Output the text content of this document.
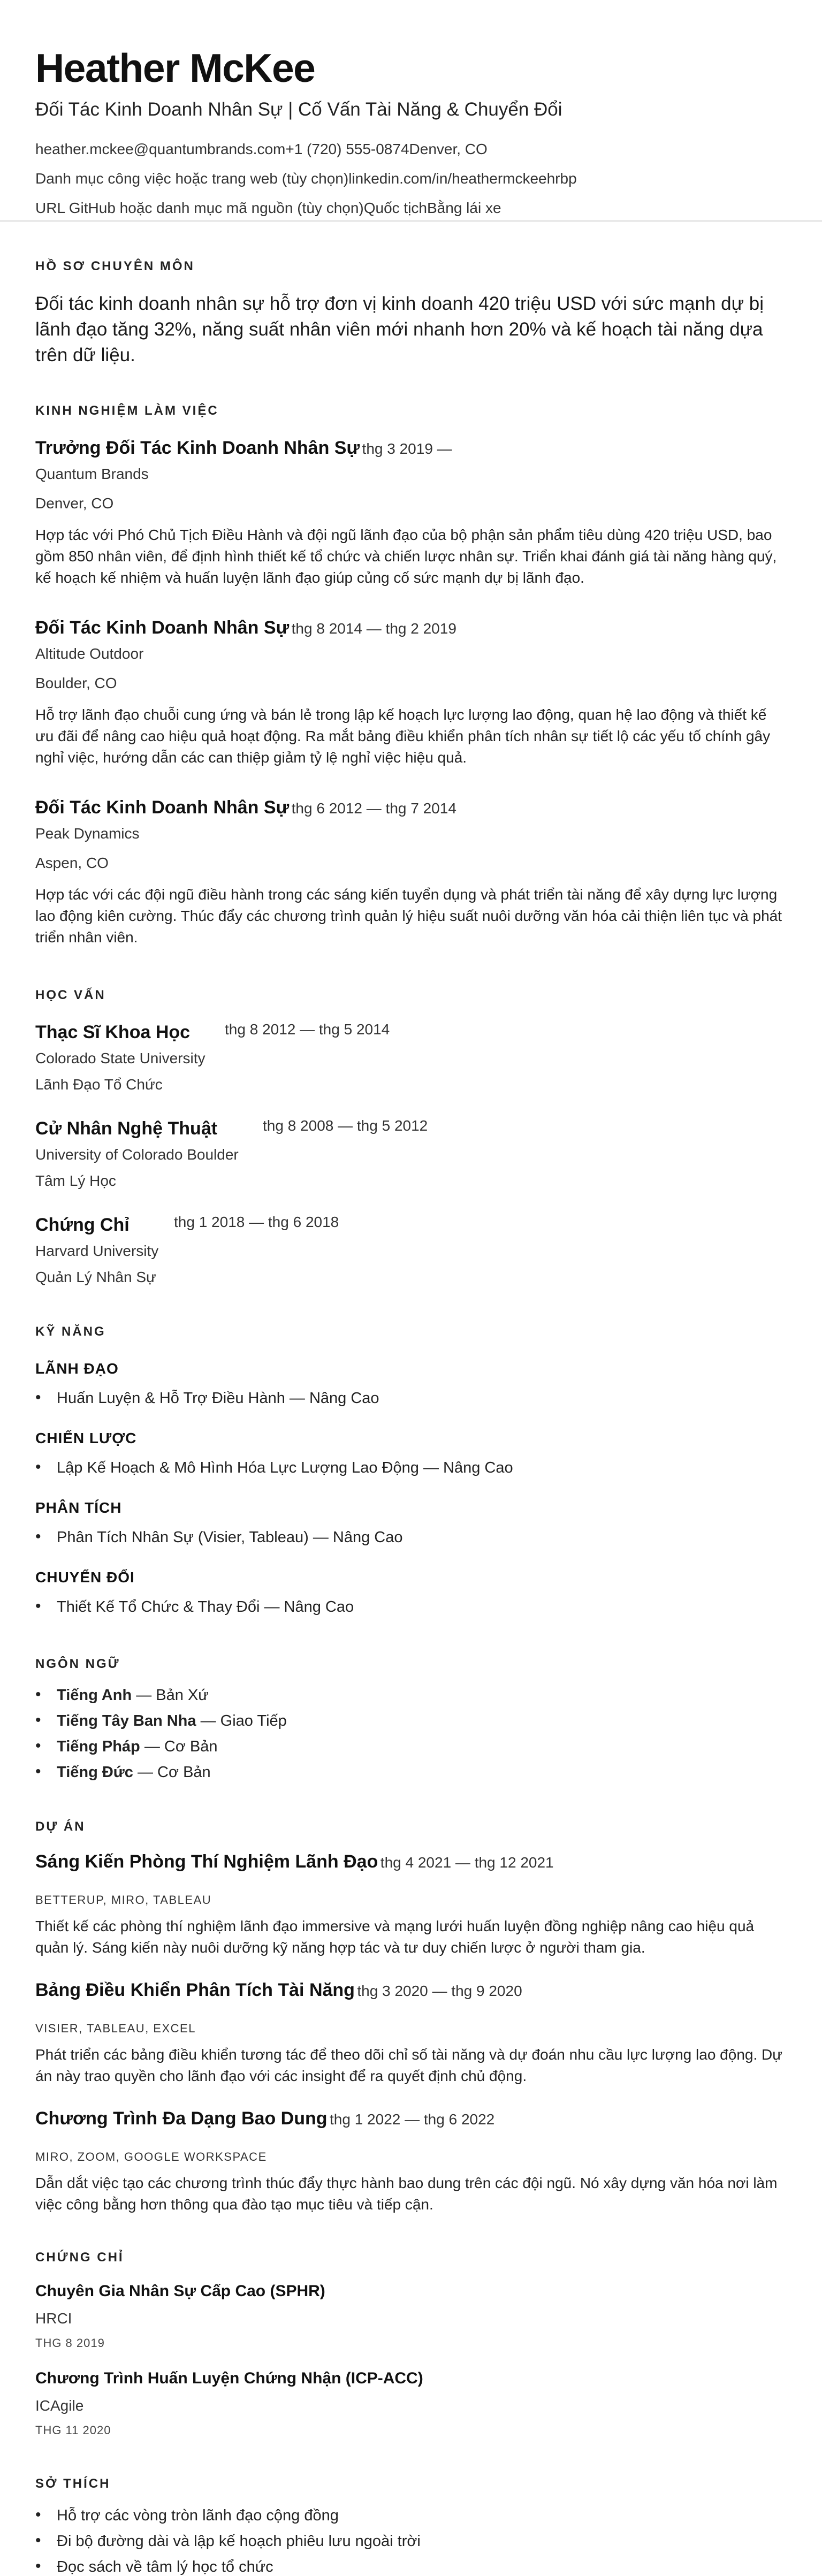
Heather McKee
Đối Tác Kinh Doanh Nhân Sự | Cố Vấn Tài Năng & Chuyển Đổi
heather.mckee@quantumbrands.com+1 (720) 555-0874Denver, CO
Danh mục công việc hoặc trang web (tùy chọn)linkedin.com/in/heathermckeehrbp
URL GitHub hoặc danh mục mã nguồn (tùy chọn)Quốc tịchBằng lái xe
HỒ SƠ CHUYÊN MÔN
Đối tác kinh doanh nhân sự hỗ trợ đơn vị kinh doanh 420 triệu USD với sức mạnh dự bị lãnh đạo tăng 32%, năng suất nhân viên mới nhanh hơn 20% và kế hoạch tài năng dựa trên dữ liệu.
KINH NGHIỆM LÀM VIỆC
Trưởng Đối Tác Kinh Doanh Nhân Sự thg 3 2019 —
Quantum Brands
Denver, CO
Hợp tác với Phó Chủ Tịch Điều Hành và đội ngũ lãnh đạo của bộ phận sản phẩm tiêu dùng 420 triệu USD, bao gồm 850 nhân viên, để định hình thiết kế tổ chức và chiến lược nhân sự. Triển khai đánh giá tài năng hàng quý, kế hoạch kế nhiệm và huấn luyện lãnh đạo giúp củng cố sức mạnh dự bị lãnh đạo.
Đối Tác Kinh Doanh Nhân Sự thg 8 2014 — thg 2 2019
Altitude Outdoor
Boulder, CO
Hỗ trợ lãnh đạo chuỗi cung ứng và bán lẻ trong lập kế hoạch lực lượng lao động, quan hệ lao động và thiết kế ưu đãi để nâng cao hiệu quả hoạt động. Ra mắt bảng điều khiển phân tích nhân sự tiết lộ các yếu tố chính gây nghỉ việc, hướng dẫn các can thiệp giảm tỷ lệ nghỉ việc hiệu quả.
Đối Tác Kinh Doanh Nhân Sự thg 6 2012 — thg 7 2014
Peak Dynamics
Aspen, CO
Hợp tác với các đội ngũ điều hành trong các sáng kiến tuyển dụng và phát triển tài năng để xây dựng lực lượng lao động kiên cường. Thúc đẩy các chương trình quản lý hiệu suất nuôi dưỡng văn hóa cải thiện liên tục và phát triển nhân viên.
HỌC VẤN
Thạc Sĩ Khoa Học thg 8 2012 — thg 5 2014
Colorado State University
Lãnh Đạo Tổ Chức
Cử Nhân Nghệ Thuật	thg 8 2008 — thg 5 2012
University of Colorado Boulder
Tâm Lý Học
Chứng Chỉ	thg 1 2018 — thg 6 2018
Harvard University
Quản Lý Nhân Sự
KỸ NĂNG
LÃNH ĐẠO
• Huấn Luyện & Hỗ Trợ Điều Hành — Nâng Cao
CHIẾN LƯỢC
• Lập Kế Hoạch & Mô Hình Hóa Lực Lượng Lao Động — Nâng Cao
PHÂN TÍCH
• Phân Tích Nhân Sự (Visier, Tableau) — Nâng Cao
CHUYỂN ĐỔI
• Thiết Kế Tổ Chức & Thay Đổi — Nâng Cao
NGÔN NGỮ
• Tiếng Anh — Bản Xứ
• Tiếng Tây Ban Nha — Giao Tiếp
• Tiếng Pháp — Cơ Bản
• Tiếng Đức — Cơ Bản
DỰ ÁN
Sáng Kiến Phòng Thí Nghiệm Lãnh Đạo thg 4 2021 — thg 12 2021
BETTERUP, MIRO, TABLEAU
Thiết kế các phòng thí nghiệm lãnh đạo immersive và mạng lưới huấn luyện đồng nghiệp nâng cao hiệu quả quản lý. Sáng kiến này nuôi dưỡng kỹ năng hợp tác và tư duy chiến lược ở người tham gia.
Bảng Điều Khiển Phân Tích Tài Năng thg 3 2020 — thg 9 2020
VISIER, TABLEAU, EXCEL
Phát triển các bảng điều khiển tương tác để theo dõi chỉ số tài năng và dự đoán nhu cầu lực lượng lao động. Dự án này trao quyền cho lãnh đạo với các insight để ra quyết định chủ động.
Chương Trình Đa Dạng Bao Dung thg 1 2022 — thg 6 2022
MIRO, ZOOM, GOOGLE WORKSPACE
Dẫn dắt việc tạo các chương trình thúc đẩy thực hành bao dung trên các đội ngũ. Nó xây dựng văn hóa nơi làm việc công bằng hơn thông qua đào tạo mục tiêu và tiếp cận.
CHỨNG CHỈ
Chuyên Gia Nhân Sự Cấp Cao (SPHR)
HRCI
THG 8 2019
Chương Trình Huấn Luyện Chứng Nhận (ICP-ACC)
ICAgile
THG 11 2020
SỞ THÍCH
• Hỗ trợ các vòng tròn lãnh đạo cộng đồng
• Đi bộ đường dài và lập kế hoạch phiêu lưu ngoài trời
• Đọc sách về tâm lý học tổ chức
